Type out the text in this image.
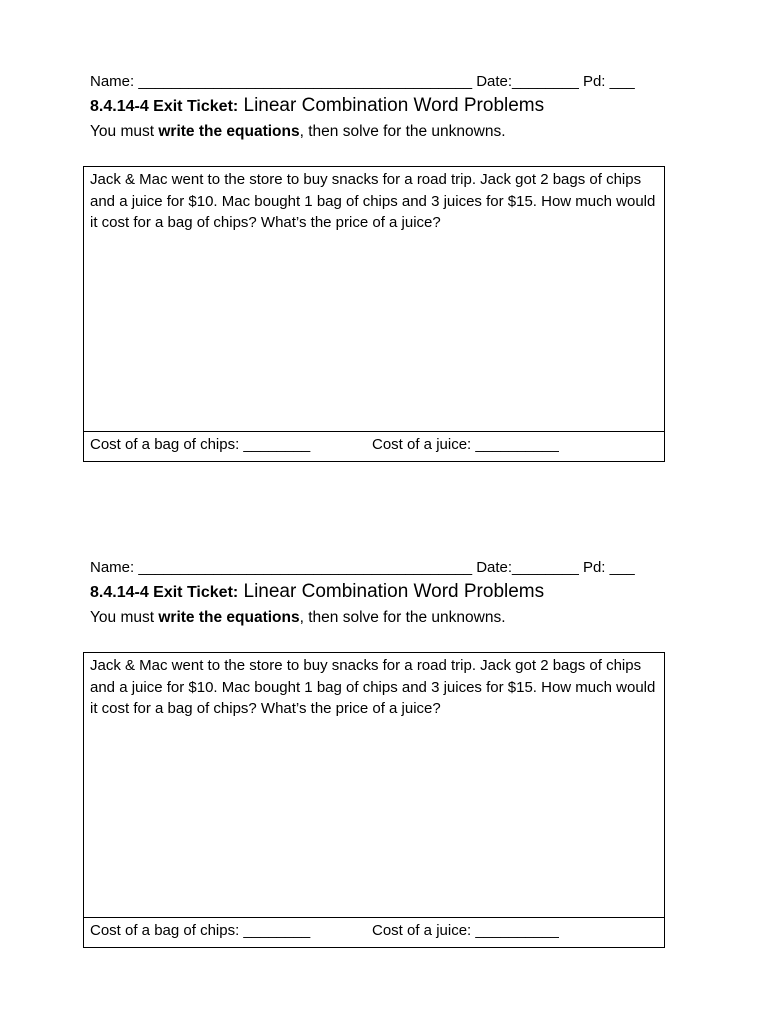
Name: ________________________________________ Date:________ Pd: ___
8.4.14-4 Exit Ticket: Linear Combination Word Problems
You must write the equations, then solve for the unknowns.
Jack & Mac went to the store to buy snacks for a road trip. Jack got 2 bags of chips and a juice for $10. Mac bought 1 bag of chips and 3 juices for $15. How much would it cost for a bag of chips? What’s the price of a juice?
Cost of a bag of chips: ________	Cost of a juice: __________
Name: ________________________________________ Date:________ Pd: ___
8.4.14-4 Exit Ticket: Linear Combination Word Problems
You must write the equations, then solve for the unknowns.
Jack & Mac went to the store to buy snacks for a road trip. Jack got 2 bags of chips and a juice for $10. Mac bought 1 bag of chips and 3 juices for $15. How much would it cost for a bag of chips? What’s the price of a juice?
Cost of a bag of chips: ________	Cost of a juice: __________
